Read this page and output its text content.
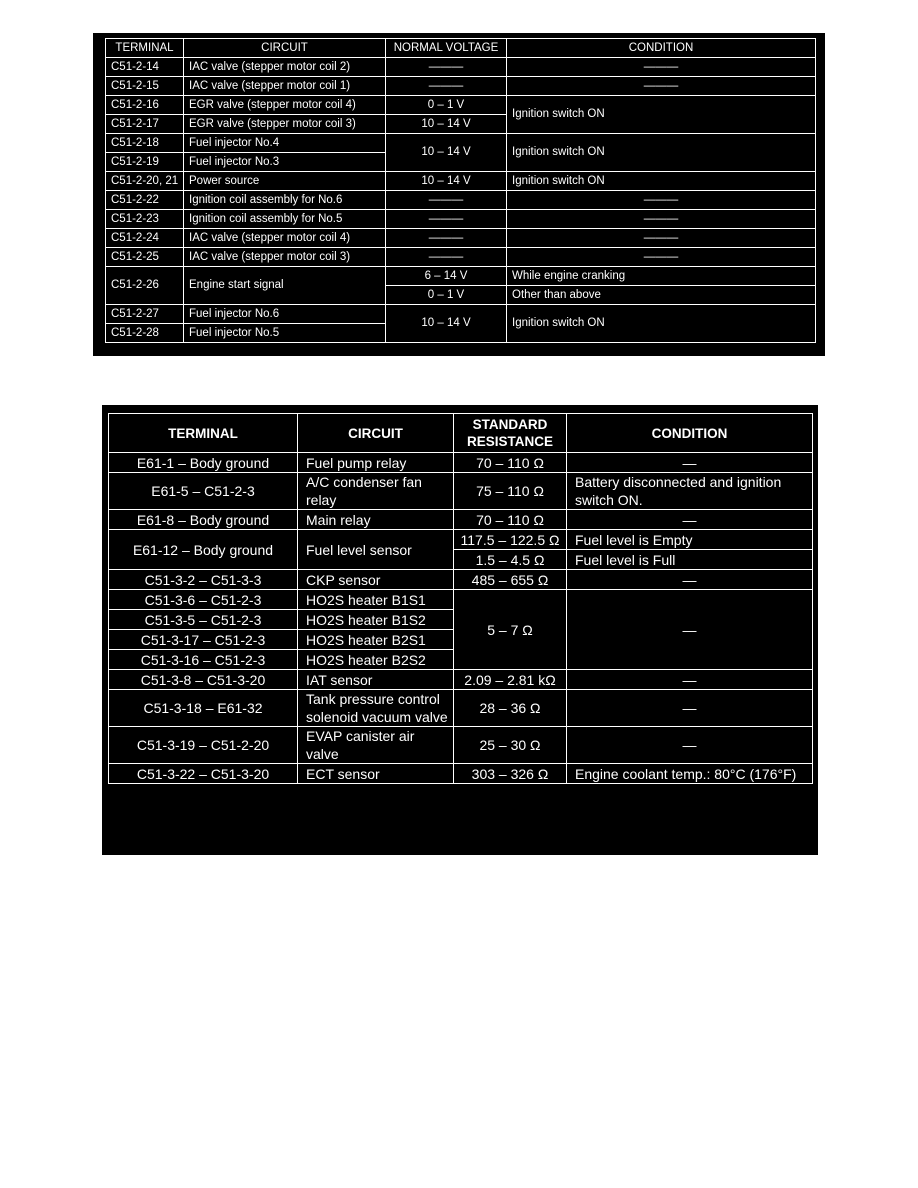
TERMINAL	CIRCUIT	NORMAL VOLTAGE	CONDITION
C51-2-14	IAC valve (stepper motor coil 2)	———	———
C51-2-15	IAC valve (stepper motor coil 1)	———	———
C51-2-16	EGR valve (stepper motor coil 4)	0 – 1 V	Ignition switch ON
C51-2-17	EGR valve (stepper motor coil 3)	10 – 14 V	
C51-2-18	Fuel injector No.4	10 – 14 V	Ignition switch ON
C51-2-19	Fuel injector No.3		
C51-2-20, 21	Power source	10 – 14 V	Ignition switch ON
C51-2-22	Ignition coil assembly for No.6	———	———
C51-2-23	Ignition coil assembly for No.5	———	———
C51-2-24	IAC valve (stepper motor coil 4)	———	———
C51-2-25	IAC valve (stepper motor coil 3)	———	———
C51-2-26	Engine start signal	6 – 14 V	While engine cranking
		0 – 1 V	Other than above
C51-2-27	Fuel injector No.6	10 – 14 V	Ignition switch ON
C51-2-28	Fuel injector No.5		
TERMINAL	CIRCUIT	STANDARD RESISTANCE	CONDITION
E61-1 – Body ground	Fuel pump relay	70 – 110 Ω	—
E61-5 – C51-2-3	A/C condenser fan relay	75 – 110 Ω	Battery disconnected and ignition switch ON.
E61-8 – Body ground	Main relay	70 – 110 Ω	—
E61-12 – Body ground	Fuel level sensor	117.5 – 122.5 Ω	Fuel level is Empty
		1.5 – 4.5 Ω	Fuel level is Full
C51-3-2 – C51-3-3	CKP sensor	485 – 655 Ω	—
C51-3-6 – C51-2-3	HO2S heater B1S1	5 – 7 Ω	—
C51-3-5 – C51-2-3	HO2S heater B1S2		
C51-3-17 – C51-2-3	HO2S heater B2S1		
C51-3-16 – C51-2-3	HO2S heater B2S2		
C51-3-8 – C51-3-20	IAT sensor	2.09 – 2.81 kΩ	—
C51-3-18 – E61-32	Tank pressure control solenoid vacuum valve	28 – 36 Ω	—
C51-3-19 – C51-2-20	EVAP canister air valve	25 – 30 Ω	—
C51-3-22 – C51-3-20	ECT sensor	303 – 326 Ω	Engine coolant temp.: 80°C (176°F)
